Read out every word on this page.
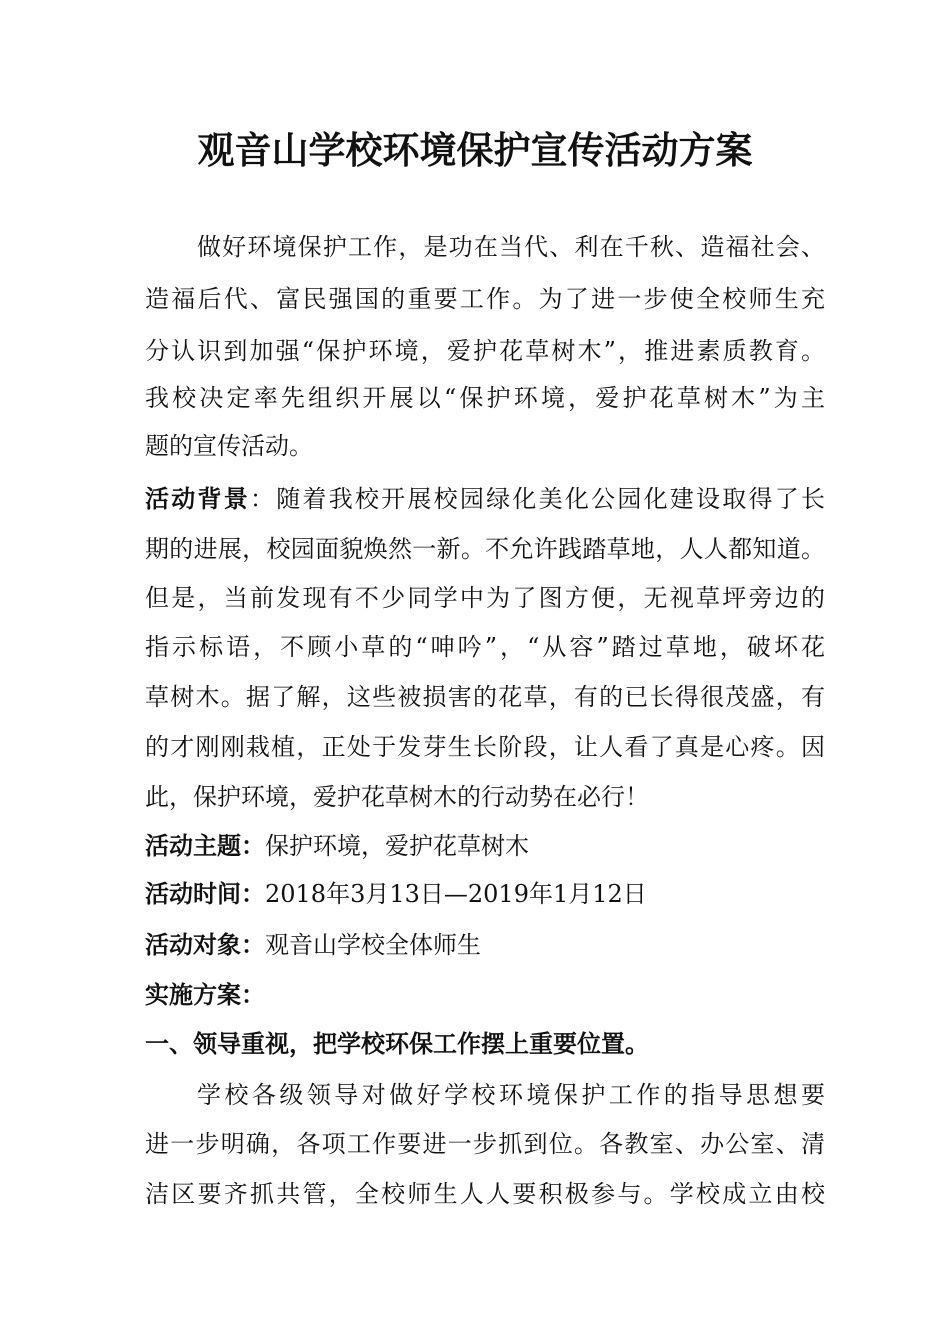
观音山学校环境保护宣传活动方案
做好环境保护工作，是功在当代、利在千秋、造福社会、
造福后代、富民强国的重要工作。为了进一步使全校师生充
分认识到加强“保护环境，爱护花草树木”，推进素质教育。
我校决定率先组织开展以“保护环境，爱护花草树木”为主
题的宣传活动。
活动背景：随着我校开展校园绿化美化公园化建设取得了长
期的进展，校园面貌焕然一新。不允许践踏草地，人人都知道。
但是，当前发现有不少同学中为了图方便，无视草坪旁边的
指示标语，不顾小草的“呻吟”，“从容”踏过草地，破坏花
草树木。据了解，这些被损害的花草，有的已长得很茂盛，有
的才刚刚栽植，正处于发芽生长阶段，让人看了真是心疼。因
此，保护环境，爱护花草树木的行动势在必行！
活动主题：保护环境，爱护花草树木
活动时间：2018年3月13日—2019年1月12日
活动对象：观音山学校全体师生
实施方案：
一、领导重视，把学校环保工作摆上重要位置。
学校各级领导对做好学校环境保护工作的指导思想要
进一步明确，各项工作要进一步抓到位。各教室、办公室、清
洁区要齐抓共管，全校师生人人要积极参与。学校成立由校
